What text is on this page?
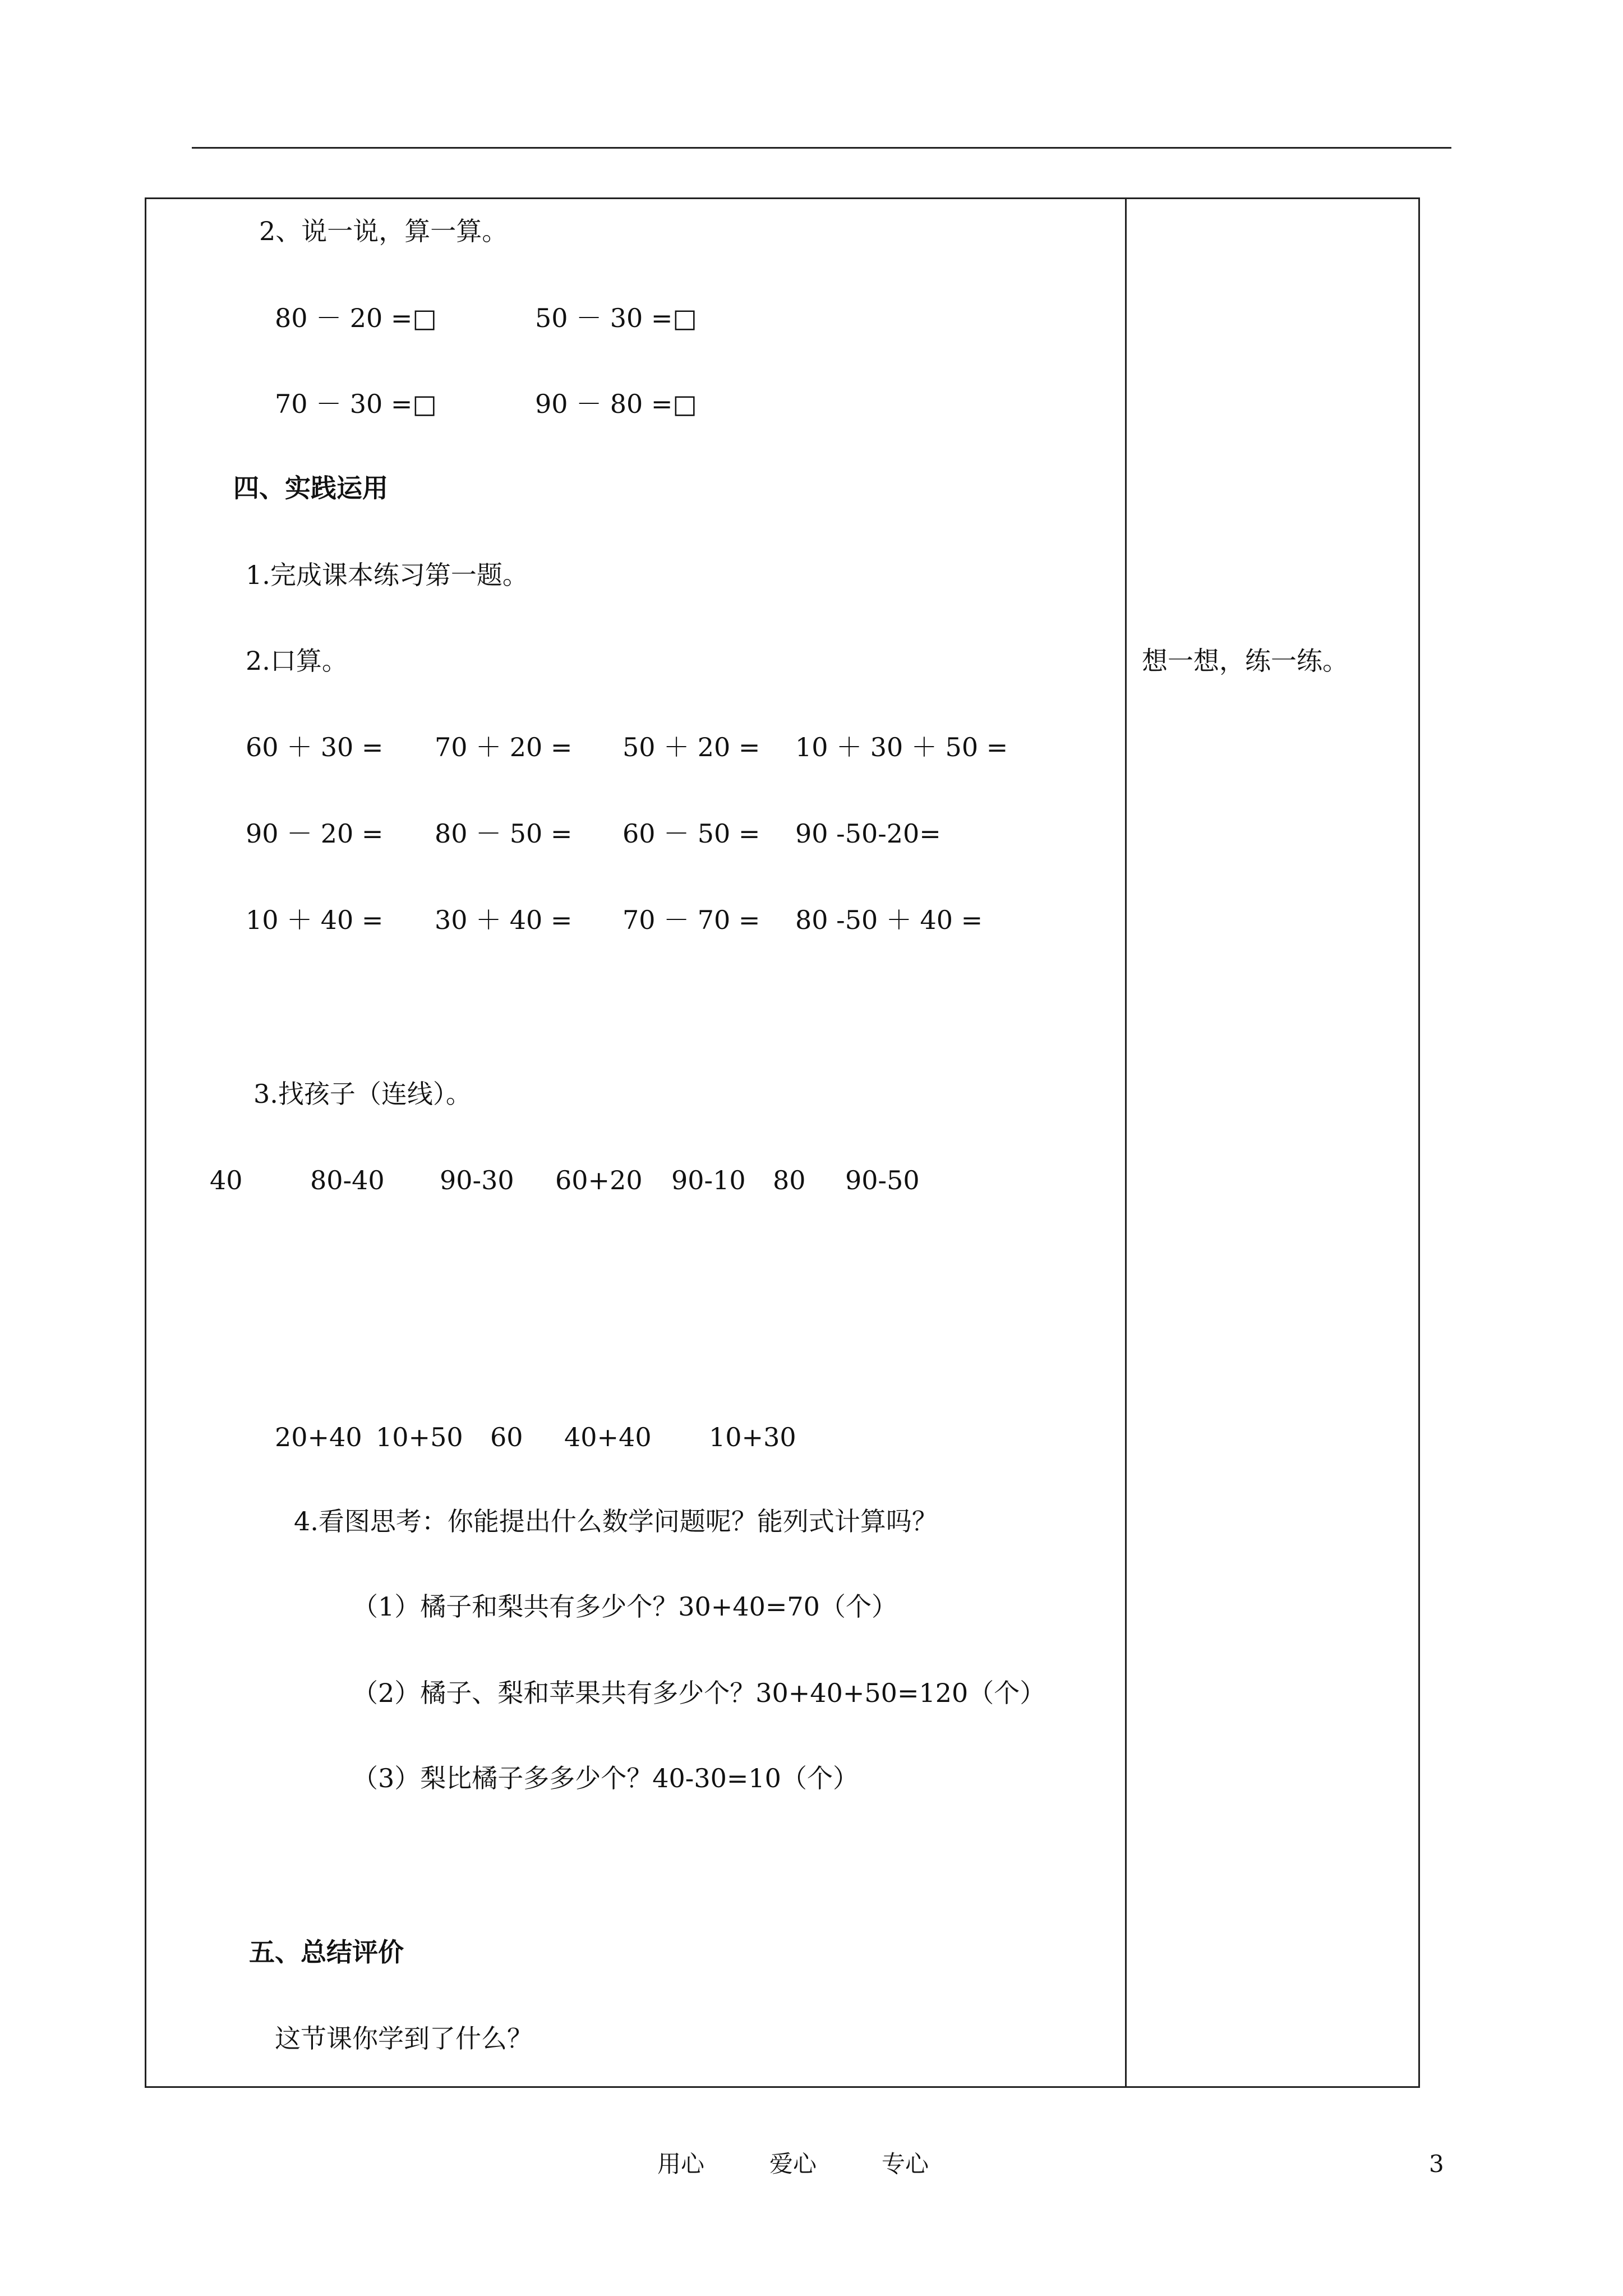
2、说一说，算一算。
80 － 20 =□	50 － 30 =□
70 － 30 =□	90 － 80 =□
四、实践运用
1.完成课本练习第一题。
2.口算。
60 ＋ 30 = 70 ＋ 20 = 50 ＋ 20 = 10 ＋ 30 ＋ 50 =
90 － 20 = 80 － 50 = 60 － 50 = 90 -50-20=
10 ＋ 40 = 30 ＋ 40 = 70 － 70 = 80 -50 ＋ 40 =
3.找孩子（连线）。
40	80-40 90-30 60+20 90-10 80 90-50
20+40 10+50 60 40+40 10+30
4.看图思考：你能提出什么数学问题呢？能列式计算吗？
（1）橘子和梨共有多少个？30+40=70（个）
（2）橘子、梨和苹果共有多少个？30+40+50=120（个）
（3）梨比橘子多多少个？40-30=10（个）
五、总结评价
这节课你学到了什么？
想一想，练一练。
用心	爱心	专心	3
